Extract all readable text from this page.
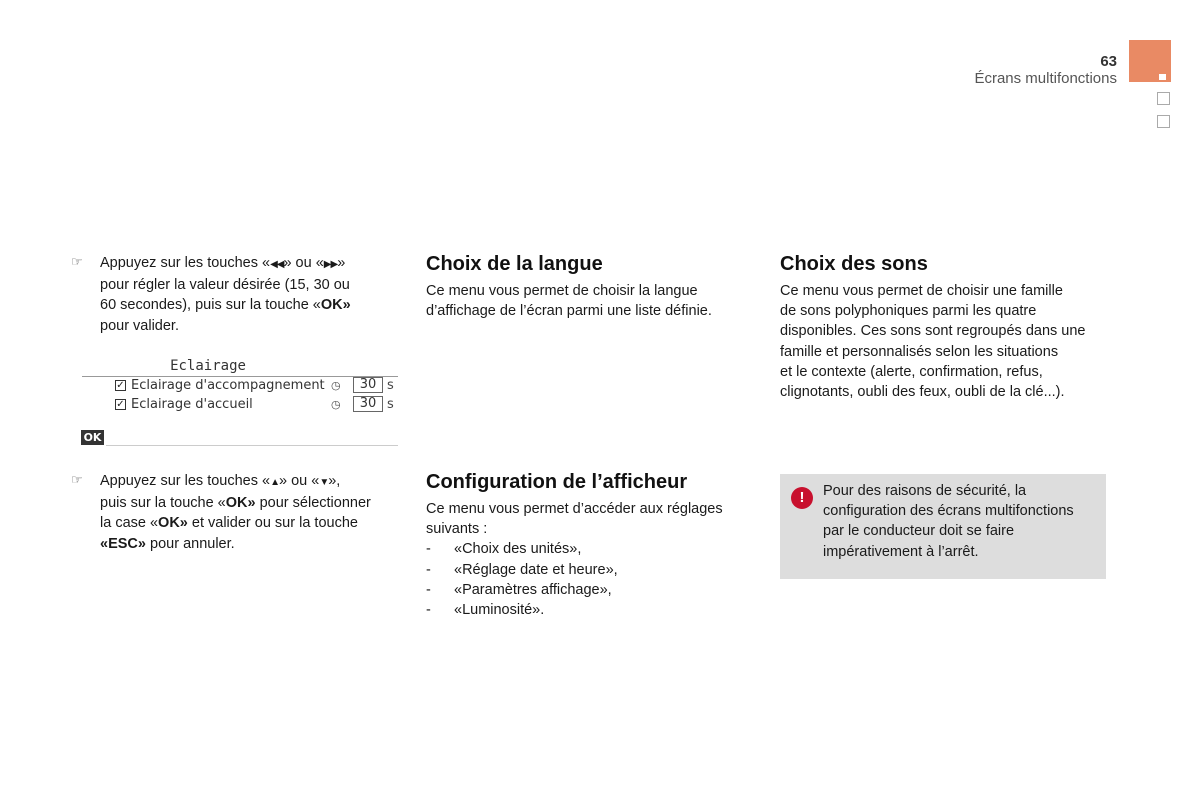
63
Écrans multifonctions
☞ Appuyez sur les touches «◀◀» ou «▶▶»
pour régler la valeur désirée (15, 30 ou
60 secondes), puis sur la touche «OK»
pour valider.
Eclairage
✓ Eclairage d'accompagnement ◷	30 s
✓ Eclairage d'accueil	◷	30 s
OK
☞ Appuyez sur les touches «▲» ou «▼»,
puis sur la touche «OK» pour sélectionner
la case «OK» et valider ou sur la touche
«ESC» pour annuler.
Choix de la langue
Ce menu vous permet de choisir la langue
d’affichage de l’écran parmi une liste définie.
Configuration de l’afficheur
Ce menu vous permet d’accéder aux réglages
suivants :
- «Choix des unités»,
- «Réglage date et heure»,
- «Paramètres affichage»,
- «Luminosité».
Choix des sons
Ce menu vous permet de choisir une famille
de sons polyphoniques parmi les quatre
disponibles. Ces sons sont regroupés dans une
famille et personnalisés selon les situations
et le contexte (alerte, confirmation, refus,
clignotants, oubli des feux, oubli de la clé...).
!	Pour des raisons de sécurité, la
configuration des écrans multifonctions
par le conducteur doit se faire
impérativement à l’arrêt.
